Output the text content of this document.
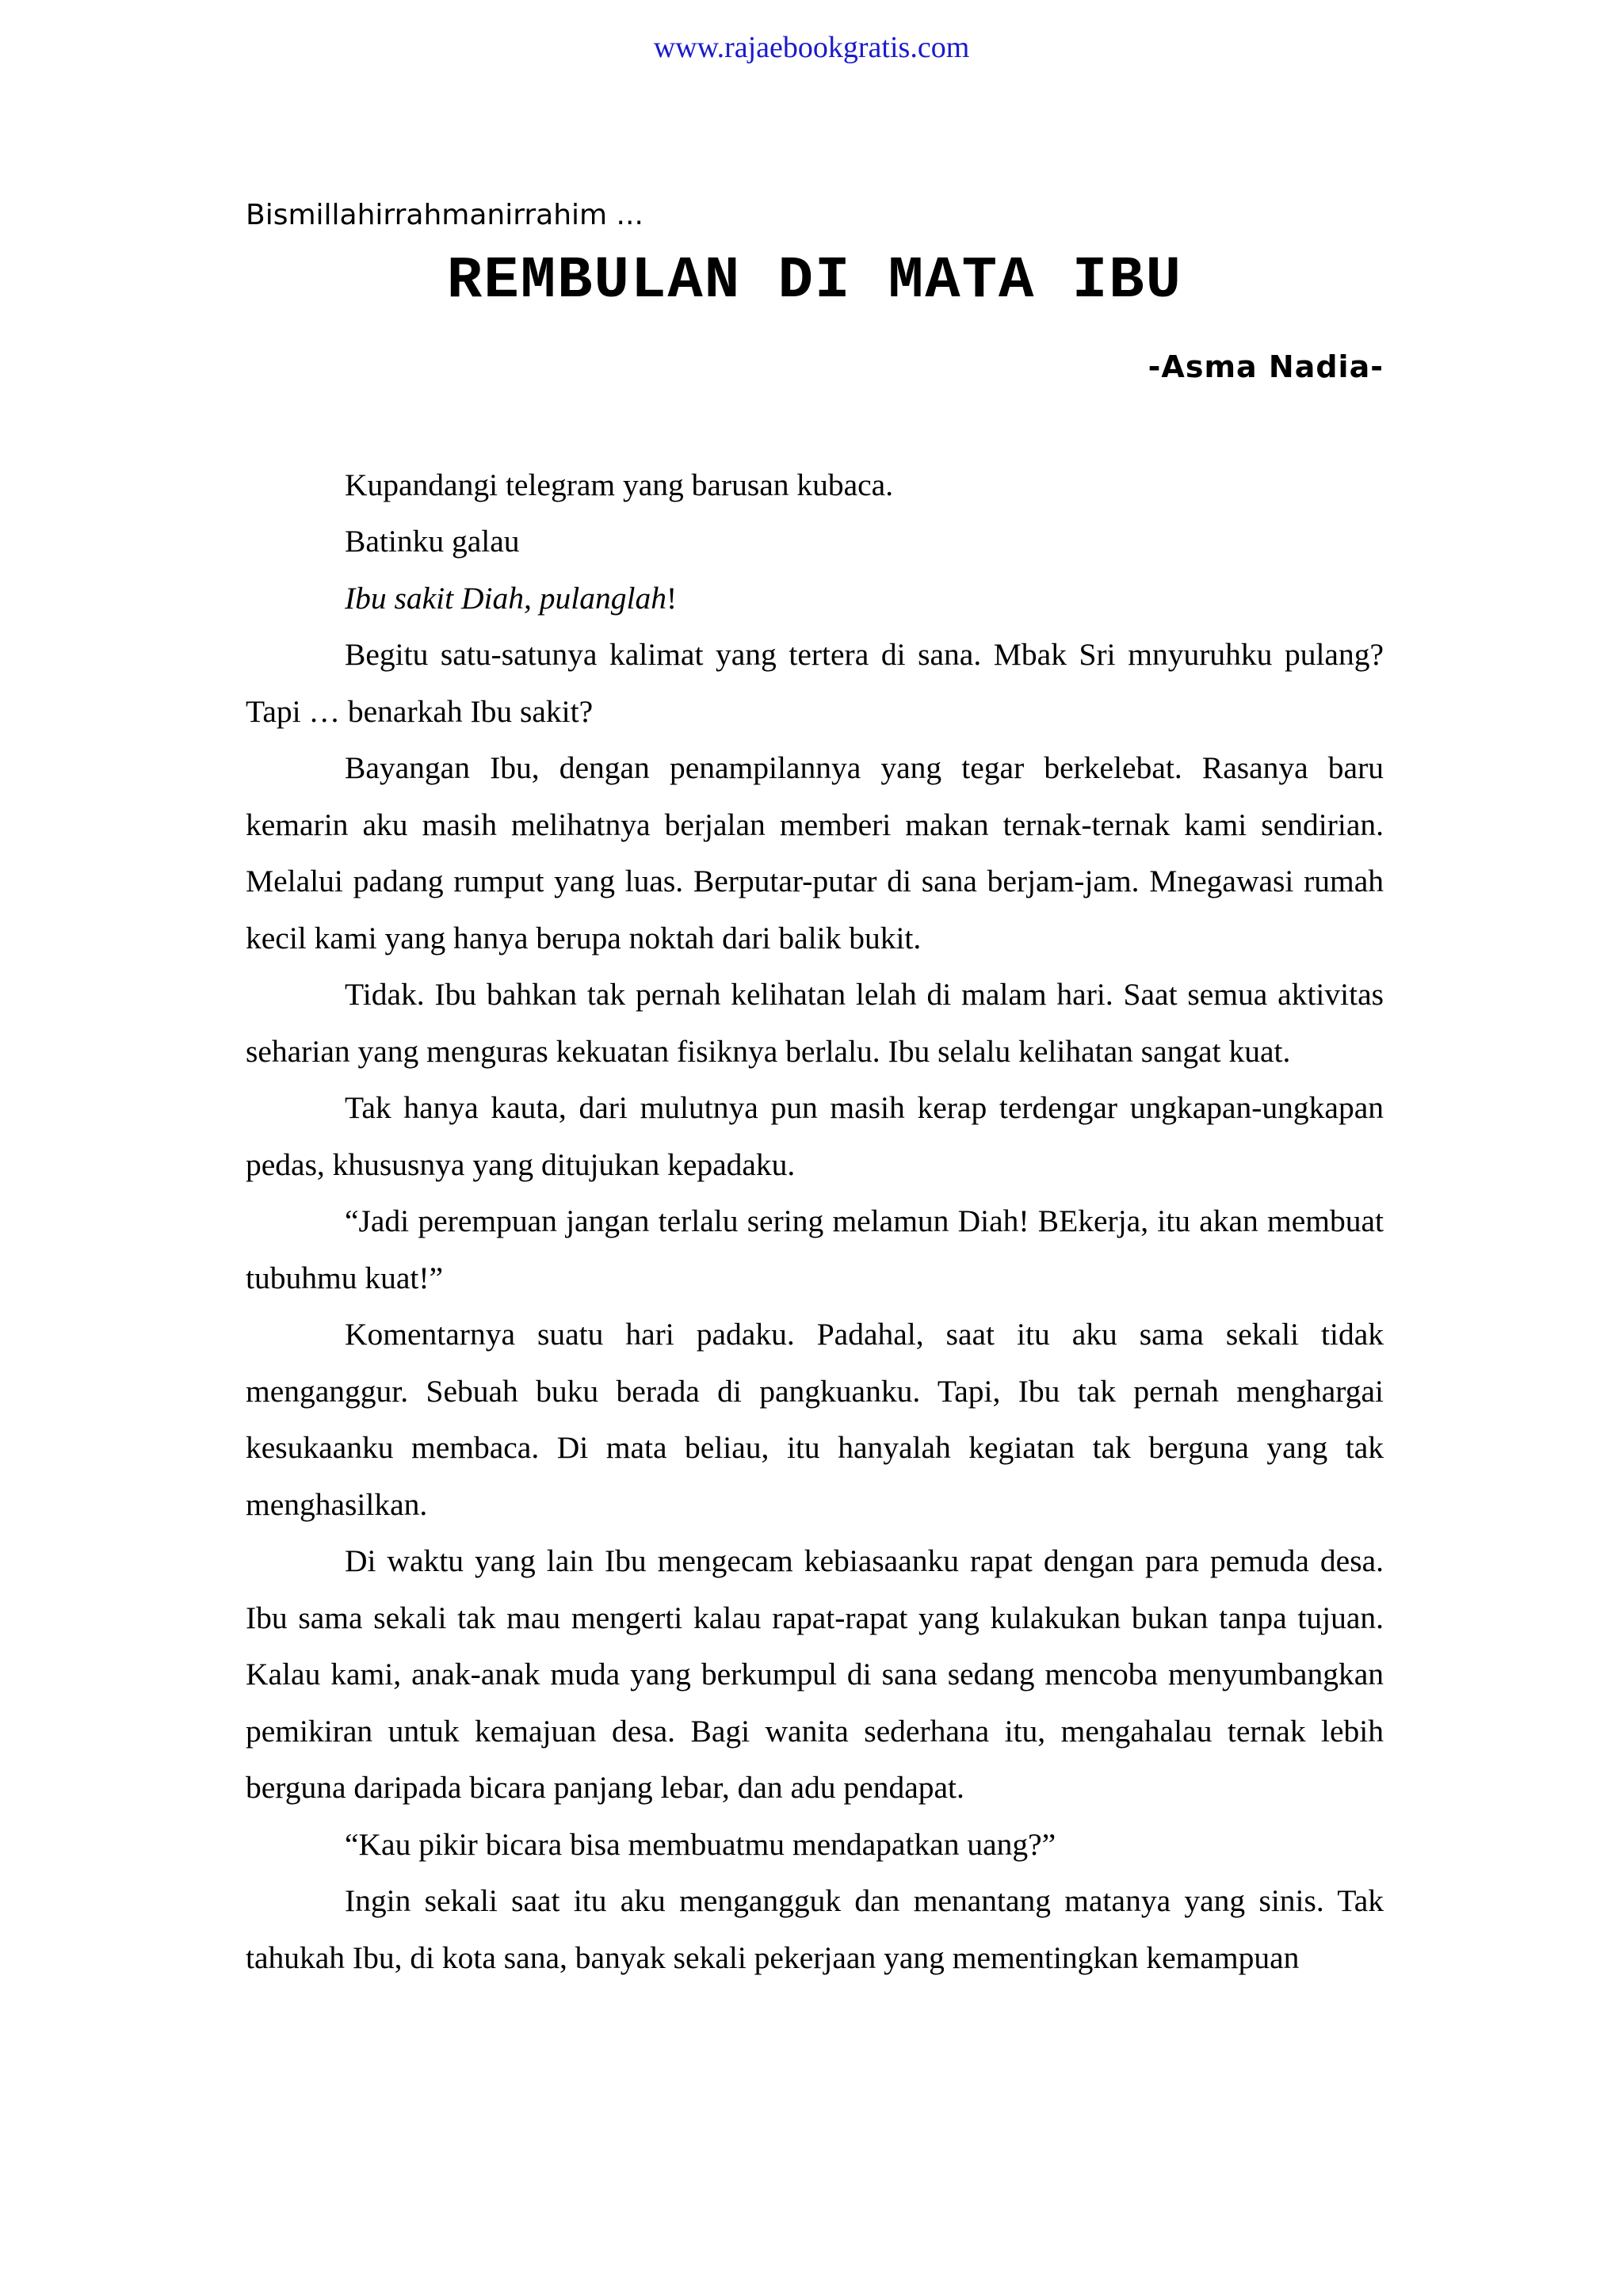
www.rajaebookgratis.com

Bismillahirrahmanirrahim ...

REMBULAN DI MATA IBU

-Asma Nadia-

Kupandangi telegram yang barusan kubaca.

Batinku galau

Ibu sakit Diah, pulanglah!

Begitu satu-satunya kalimat yang tertera di sana. Mbak Sri mnyuruhku pulang? Tapi … benarkah Ibu sakit?

Bayangan Ibu, dengan penampilannya yang tegar berkelebat. Rasanya baru kemarin aku masih melihatnya berjalan memberi makan ternak-ternak kami sendirian. Melalui padang rumput yang luas. Berputar-putar di sana berjam-jam. Mnegawasi rumah kecil kami yang hanya berupa noktah dari balik bukit.

Tidak. Ibu bahkan tak pernah kelihatan lelah di malam hari. Saat semua aktivitas seharian yang menguras kekuatan fisiknya berlalu. Ibu selalu kelihatan sangat kuat.

Tak hanya kauta, dari mulutnya pun masih kerap terdengar ungkapan-ungkapan pedas, khususnya yang ditujukan kepadaku.

“Jadi perempuan jangan terlalu sering melamun Diah! BEkerja, itu akan membuat tubuhmu kuat!”

Komentarnya suatu hari padaku. Padahal, saat itu aku sama sekali tidak menganggur. Sebuah buku berada di pangkuanku. Tapi, Ibu tak pernah menghargai kesukaanku membaca. Di mata beliau, itu hanyalah kegiatan tak berguna yang tak menghasilkan.

Di waktu yang lain Ibu mengecam kebiasaanku rapat dengan para pemuda desa. Ibu sama sekali tak mau mengerti kalau rapat-rapat yang kulakukan bukan tanpa tujuan. Kalau kami, anak-anak muda yang berkumpul di sana sedang mencoba menyumbangkan pemikiran untuk kemajuan desa. Bagi wanita sederhana itu, mengahalau ternak lebih berguna daripada bicara panjang lebar, dan adu pendapat.

“Kau pikir bicara bisa membuatmu mendapatkan uang?”

Ingin sekali saat itu aku mengangguk dan menantang matanya yang sinis. Tak tahukah Ibu, di kota sana, banyak sekali pekerjaan yang mementingkan kemampuan
